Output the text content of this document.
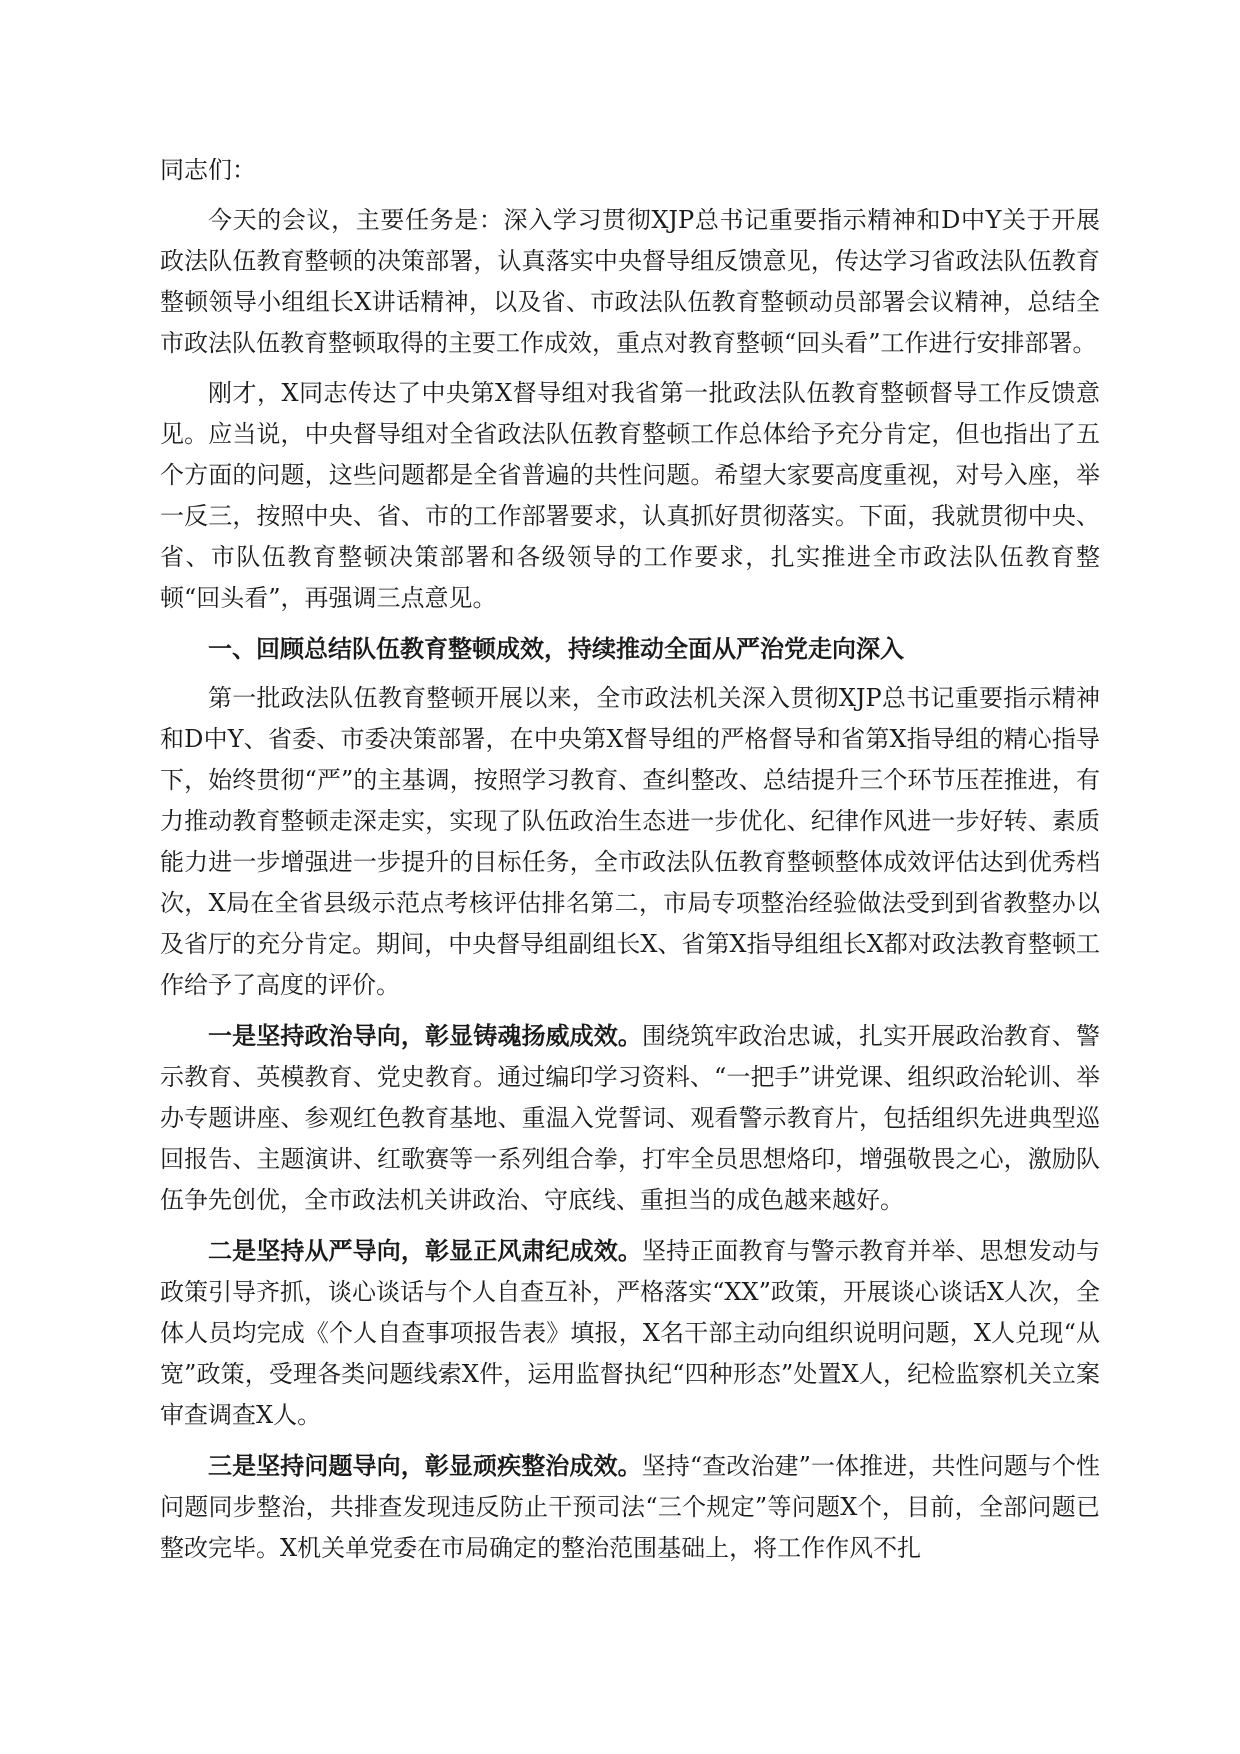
同志们：

今天的会议，主要任务是：深入学习贯彻XJP总书记重要指示精神和D中Y关于开展政法队伍教育整顿的决策部署，认真落实中央督导组反馈意见，传达学习省政法队伍教育整顿领导小组组长X讲话精神，以及省、市政法队伍教育整顿动员部署会议精神，总结全市政法队伍教育整顿取得的主要工作成效，重点对教育整顿“回头看”工作进行安排部署。

刚才，X同志传达了中央第X督导组对我省第一批政法队伍教育整顿督导工作反馈意见。应当说，中央督导组对全省政法队伍教育整顿工作总体给予充分肯定，但也指出了五个方面的问题，这些问题都是全省普遍的共性问题。希望大家要高度重视，对号入座，举一反三，按照中央、省、市的工作部署要求，认真抓好贯彻落实。下面，我就贯彻中央、省、市队伍教育整顿决策部署和各级领导的工作要求，扎实推进全市政法队伍教育整顿“回头看”，再强调三点意见。

一、回顾总结队伍教育整顿成效，持续推动全面从严治党走向深入

第一批政法队伍教育整顿开展以来，全市政法机关深入贯彻XJP总书记重要指示精神和D中Y、省委、市委决策部署，在中央第X督导组的严格督导和省第X指导组的精心指导下，始终贯彻“严”的主基调，按照学习教育、查纠整改、总结提升三个环节压茬推进，有力推动教育整顿走深走实，实现了队伍政治生态进一步优化、纪律作风进一步好转、素质能力进一步增强进一步提升的目标任务，全市政法队伍教育整顿整体成效评估达到优秀档次，X局在全省县级示范点考核评估排名第二，市局专项整治经验做法受到到省教整办以及省厅的充分肯定。期间，中央督导组副组长X、省第X指导组组长X都对政法教育整顿工作给予了高度的评价。

一是坚持政治导向，彰显铸魂扬威成效。围绕筑牢政治忠诚，扎实开展政治教育、警示教育、英模教育、党史教育。通过编印学习资料、“一把手”讲党课、组织政治轮训、举办专题讲座、参观红色教育基地、重温入党誓词、观看警示教育片，包括组织先进典型巡回报告、主题演讲、红歌赛等一系列组合拳，打牢全员思想烙印，增强敬畏之心，激励队伍争先创优，全市政法机关讲政治、守底线、重担当的成色越来越好。

二是坚持从严导向，彰显正风肃纪成效。坚持正面教育与警示教育并举、思想发动与政策引导齐抓，谈心谈话与个人自查互补，严格落实“XX”政策，开展谈心谈话X人次，全体人员均完成《个人自查事项报告表》填报，X名干部主动向组织说明问题，X人兑现“从宽”政策，受理各类问题线索X件，运用监督执纪“四种形态”处置X人，纪检监察机关立案审查调查X人。

三是坚持问题导向，彰显顽疾整治成效。坚持“查改治建”一体推进，共性问题与个性问题同步整治，共排查发现违反防止干预司法“三个规定”等问题X个，目前，全部问题已整改完毕。X机关单党委在市局确定的整治范围基础上，将工作作风不扎
